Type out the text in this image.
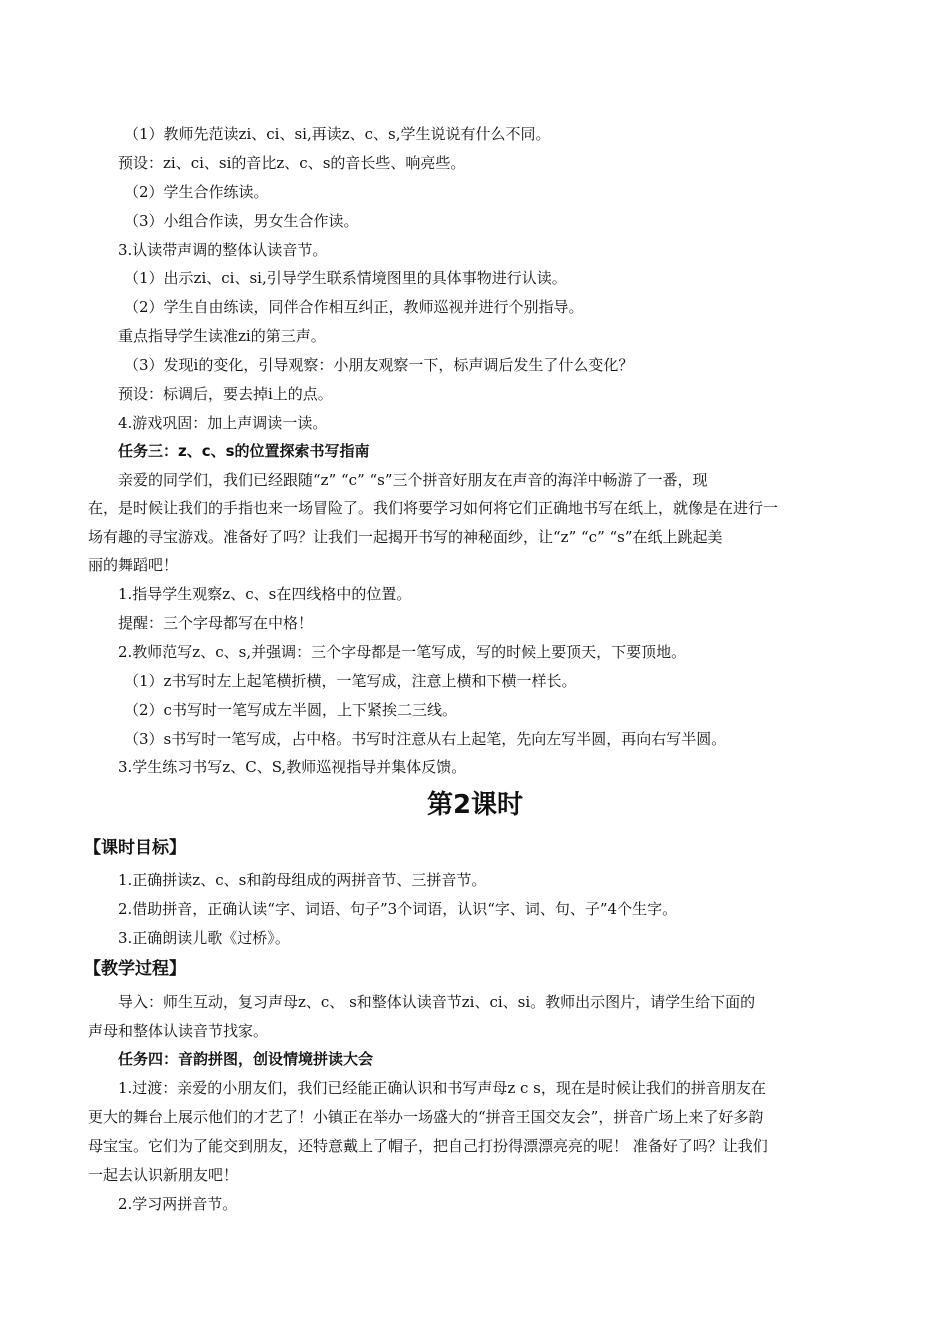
（1）教师先范读zi、ci、si,再读z、c、s,学生说说有什么不同。
预设：zi、ci、si的音比z、c、s的音长些、响亮些。
（2）学生合作练读。
（3）小组合作读，男女生合作读。
3.认读带声调的整体认读音节。
（1）出示zi、ci、si,引导学生联系情境图里的具体事物进行认读。
（2）学生自由练读，同伴合作相互纠正，教师巡视并进行个别指导。
重点指导学生读准zi的第三声。
（3）发现i的变化，引导观察：小朋友观察一下，标声调后发生了什么变化？
预设：标调后，要去掉i上的点。
4.游戏巩固：加上声调读一读。
任务三：z、c、s的位置探索书写指南
亲爱的同学们，我们已经跟随“z” “c” “s”三个拼音好朋友在声音的海洋中畅游了一番，现
在，是时候让我们的手指也来一场冒险了。我们将要学习如何将它们正确地书写在纸上，就像是在进行一
场有趣的寻宝游戏。准备好了吗？让我们一起揭开书写的神秘面纱，让“z” “c” “s”在纸上跳起美
丽的舞蹈吧！
1.指导学生观察z、c、s在四线格中的位置。
提醒：三个字母都写在中格！
2.教师范写z、c、s,并强调：三个字母都是一笔写成，写的时候上要顶天，下要顶地。
（1）z书写时左上起笔横折横，一笔写成，注意上横和下横一样长。
（2）c书写时一笔写成左半圆，上下紧挨二三线。
（3）s书写时一笔写成，占中格。书写时注意从右上起笔，先向左写半圆，再向右写半圆。
3.学生练习书写z、C、S,教师巡视指导并集体反馈。
第2课时
【课时目标】
1.正确拼读z、c、s和韵母组成的两拼音节、三拼音节。
2.借助拼音，正确认读“字、词语、句子”3个词语，认识“字、词、句、子”4个生字。
3.正确朗读儿歌《过桥》。
【教学过程】
导入：师生互动，复习声母z、c、 s和整体认读音节zi、ci、si。教师出示图片，请学生给下面的
声母和整体认读音节找家。
任务四：音韵拼图，创设情境拼读大会
1.过渡：亲爱的小朋友们，我们已经能正确认识和书写声母z c s，现在是时候让我们的拼音朋友在
更大的舞台上展示他们的才艺了！小镇正在举办一场盛大的“拼音王国交友会”，拼音广场上来了好多韵
母宝宝。它们为了能交到朋友，还特意戴上了帽子，把自己打扮得漂漂亮亮的呢！ 准备好了吗？让我们
一起去认识新朋友吧！
2.学习两拼音节。
